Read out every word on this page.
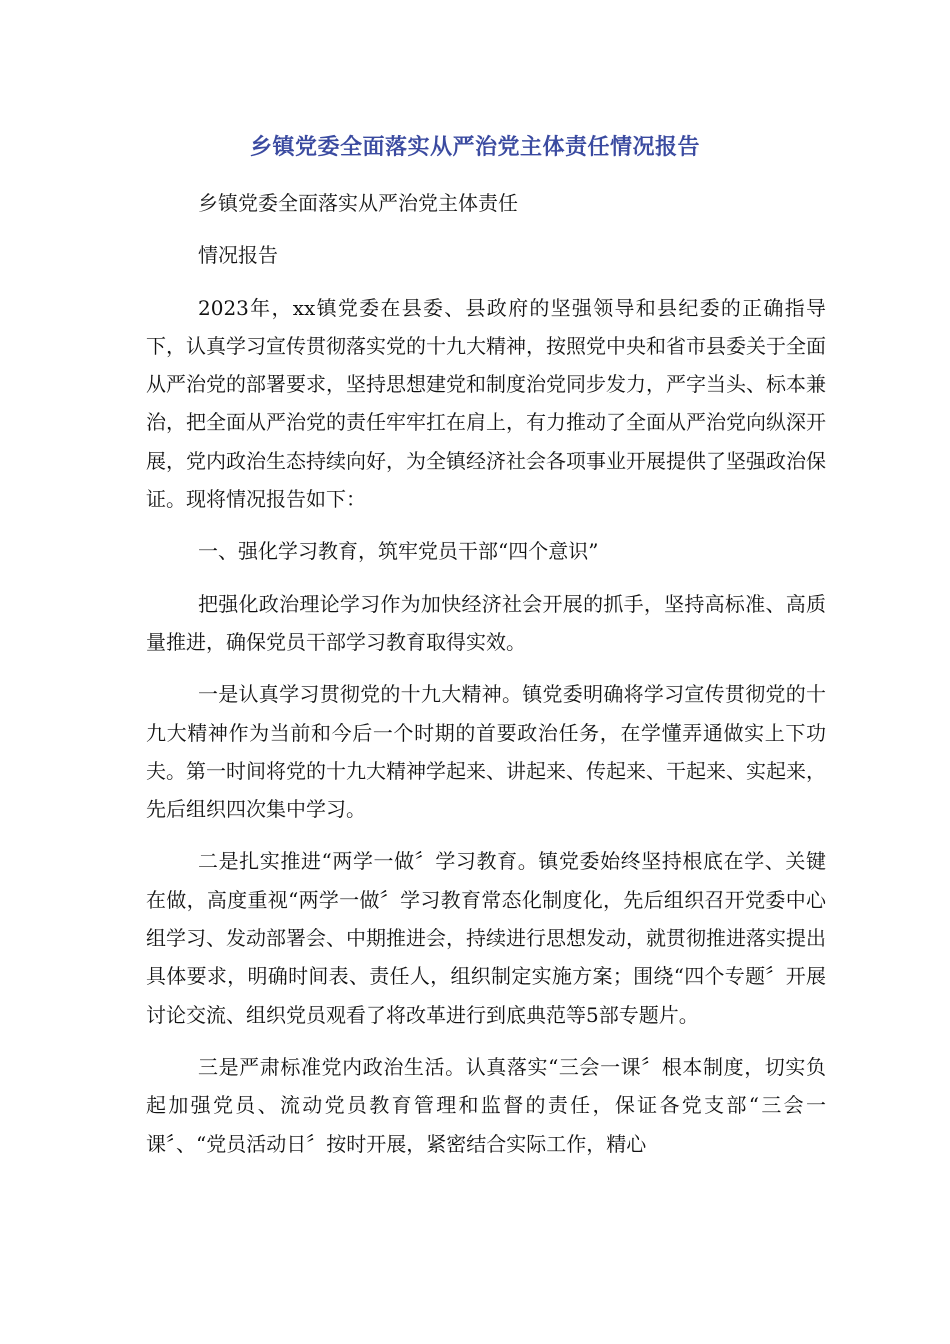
乡镇党委全面落实从严治党主体责任情况报告

乡镇党委全面落实从严治党主体责任

情况报告

2023年，xx镇党委在县委、县政府的坚强领导和县纪委的正确指导下，认真学习宣传贯彻落实党的十九大精神，按照党中央和省市县委关于全面从严治党的部署要求，坚持思想建党和制度治党同步发力，严字当头、标本兼治，把全面从严治党的责任牢牢扛在肩上，有力推动了全面从严治党向纵深开展，党内政治生态持续向好，为全镇经济社会各项事业开展提供了坚强政治保证。现将情况报告如下：

一、强化学习教育，筑牢党员干部“四个意识”

把强化政治理论学习作为加快经济社会开展的抓手，坚持高标准、高质量推进，确保党员干部学习教育取得实效。

一是认真学习贯彻党的十九大精神。镇党委明确将学习宣传贯彻党的十九大精神作为当前和今后一个时期的首要政治任务，在学懂弄通做实上下功夫。第一时间将党的十九大精神学起来、讲起来、传起来、干起来、实起来，先后组织四次集中学习。

二是扎实推进“两学一做〞学习教育。镇党委始终坚持根底在学、关键在做，高度重视“两学一做〞学习教育常态化制度化，先后组织召开党委中心组学习、发动部署会、中期推进会，持续进行思想发动，就贯彻推进落实提出具体要求，明确时间表、责任人，组织制定实施方案；围绕“四个专题〞开展讨论交流、组织党员观看了将改革进行到底典范等5部专题片。

三是严肃标准党内政治生活。认真落实“三会一课〞根本制度，切实负起加强党员、流动党员教育管理和监督的责任，保证各党支部“三会一课〞、“党员活动日〞按时开展，紧密结合实际工作，精心
